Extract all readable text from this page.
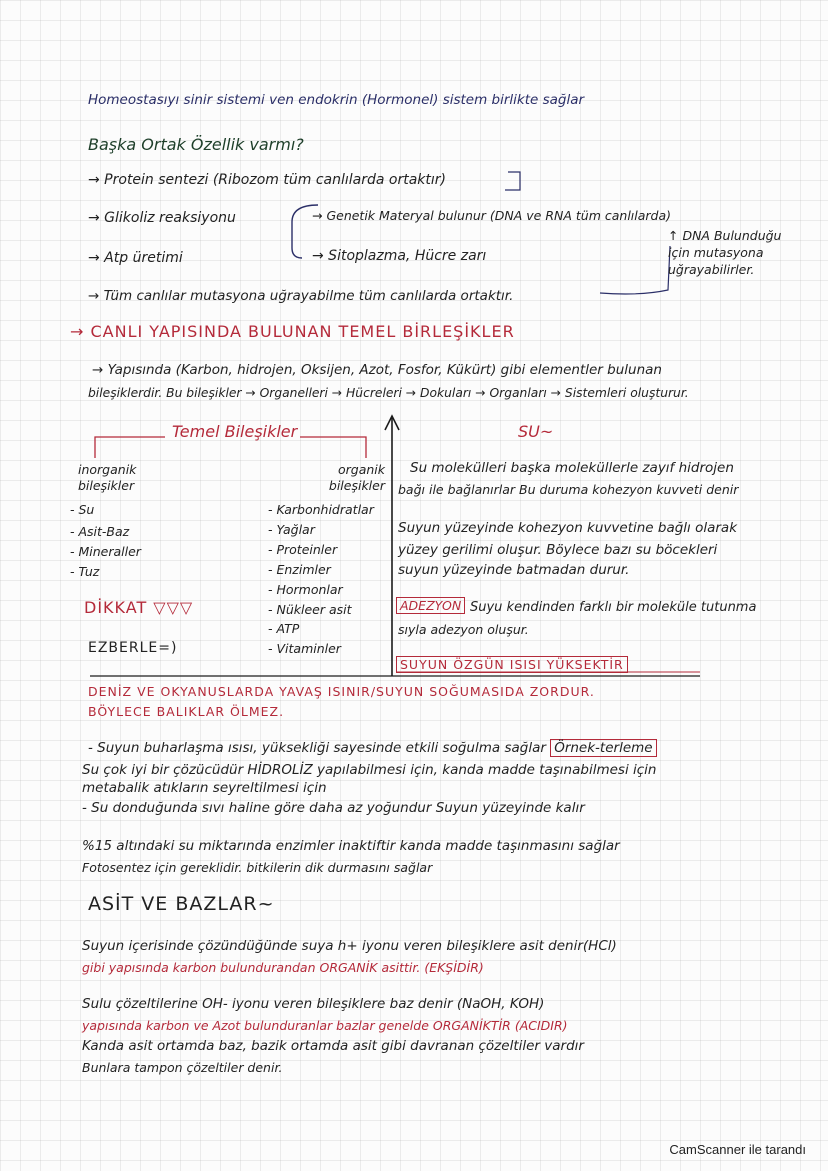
Homeostasıyı sinir sistemi ven endokrin (Hormonel) sistem birlikte sağlar
Başka Ortak Özellik varmı?
→ Protein sentezi (Ribozom tüm canlılarda ortaktır)
→ Glikoliz reaksiyonu	→ Genetik Materyal bulunur (DNA ve RNA tüm canlılarda)
→ Atp üretimi	→ Sitoplazma, Hücre zarı
↑ DNA Bulunduğu için mutasyona uğrayabilirler.
→ Tüm canlılar mutasyona uğrayabilme tüm canlılarda ortaktır.
→ CANLI YAPISINDA BULUNAN TEMEL BİRLEŞİKLER
→ Yapısında (Karbon, hidrojen, Oksijen, Azot, Fosfor, Kükürt) gibi elementler bulunan
bileşiklerdir. Bu bileşikler → Organelleri → Hücreleri → Dokuları → Organları → Sistemleri oluşturur.
Temel Bileşikler
inorganik bileşikler
- Su
- Asit-Baz
- Mineraller
- Tuz
organik bileşikler
- Karbonhidratlar
- Yağlar
- Proteinler
- Enzimler
- Hormonlar
- Nükleer asit
- ATP
- Vitaminler
DİKKAT ▽▽▽
EZBERLE=)
SU~
Su molekülleri başka moleküllerle zayıf hidrojen
bağı ile bağlanırlar Bu duruma kohezyon kuvveti denir
Suyun yüzeyinde kohezyon kuvvetine bağlı olarak
yüzey gerilimi oluşur. Böylece bazı su böcekleri
suyun yüzeyinde batmadan durur.
ADEZYON Suyu kendinden farklı bir moleküle tutunma
sıyla adezyon oluşur.
SUYUN ÖZGÜN ISISI YÜKSEKTİR
DENİZ VE OKYANUSLARDA YAVAŞ ISINIR/SUYUN SOĞUMASIDA ZORDUR.
BÖYLECE BALIKLAR ÖLMEZ.
- Suyun buharlaşma ısısı, yüksekliği sayesinde etkili soğulma sağlar Örnek-terleme
Su çok iyi bir çözücüdür HİDROLİZ yapılabilmesi için, kanda madde taşınabilmesi için
metabalik atıkların seyreltilmesi için
- Su donduğunda sıvı haline göre daha az yoğundur Suyun yüzeyinde kalır
%15 altındaki su miktarında enzimler inaktiftir kanda madde taşınmasını sağlar
Fotosentez için gereklidir. bitkilerin dik durmasını sağlar
ASİT VE BAZLAR~
Suyun içerisinde çözündüğünde suya h+ iyonu veren bileşiklere asit denir(HCl)
gibi yapısında karbon bulundurandan ORGANİK asittir. (EKŞİDİR)
Sulu çözeltilerine OH- iyonu veren bileşiklere baz denir (NaOH, KOH)
yapısında karbon ve Azot bulunduranlar bazlar genelde ORGANİKTİR (ACIDIR)
Kanda asit ortamda baz, bazik ortamda asit gibi davranan çözeltiler vardır
Bunlara tampon çözeltiler denir.
CamScanner ile tarandı
